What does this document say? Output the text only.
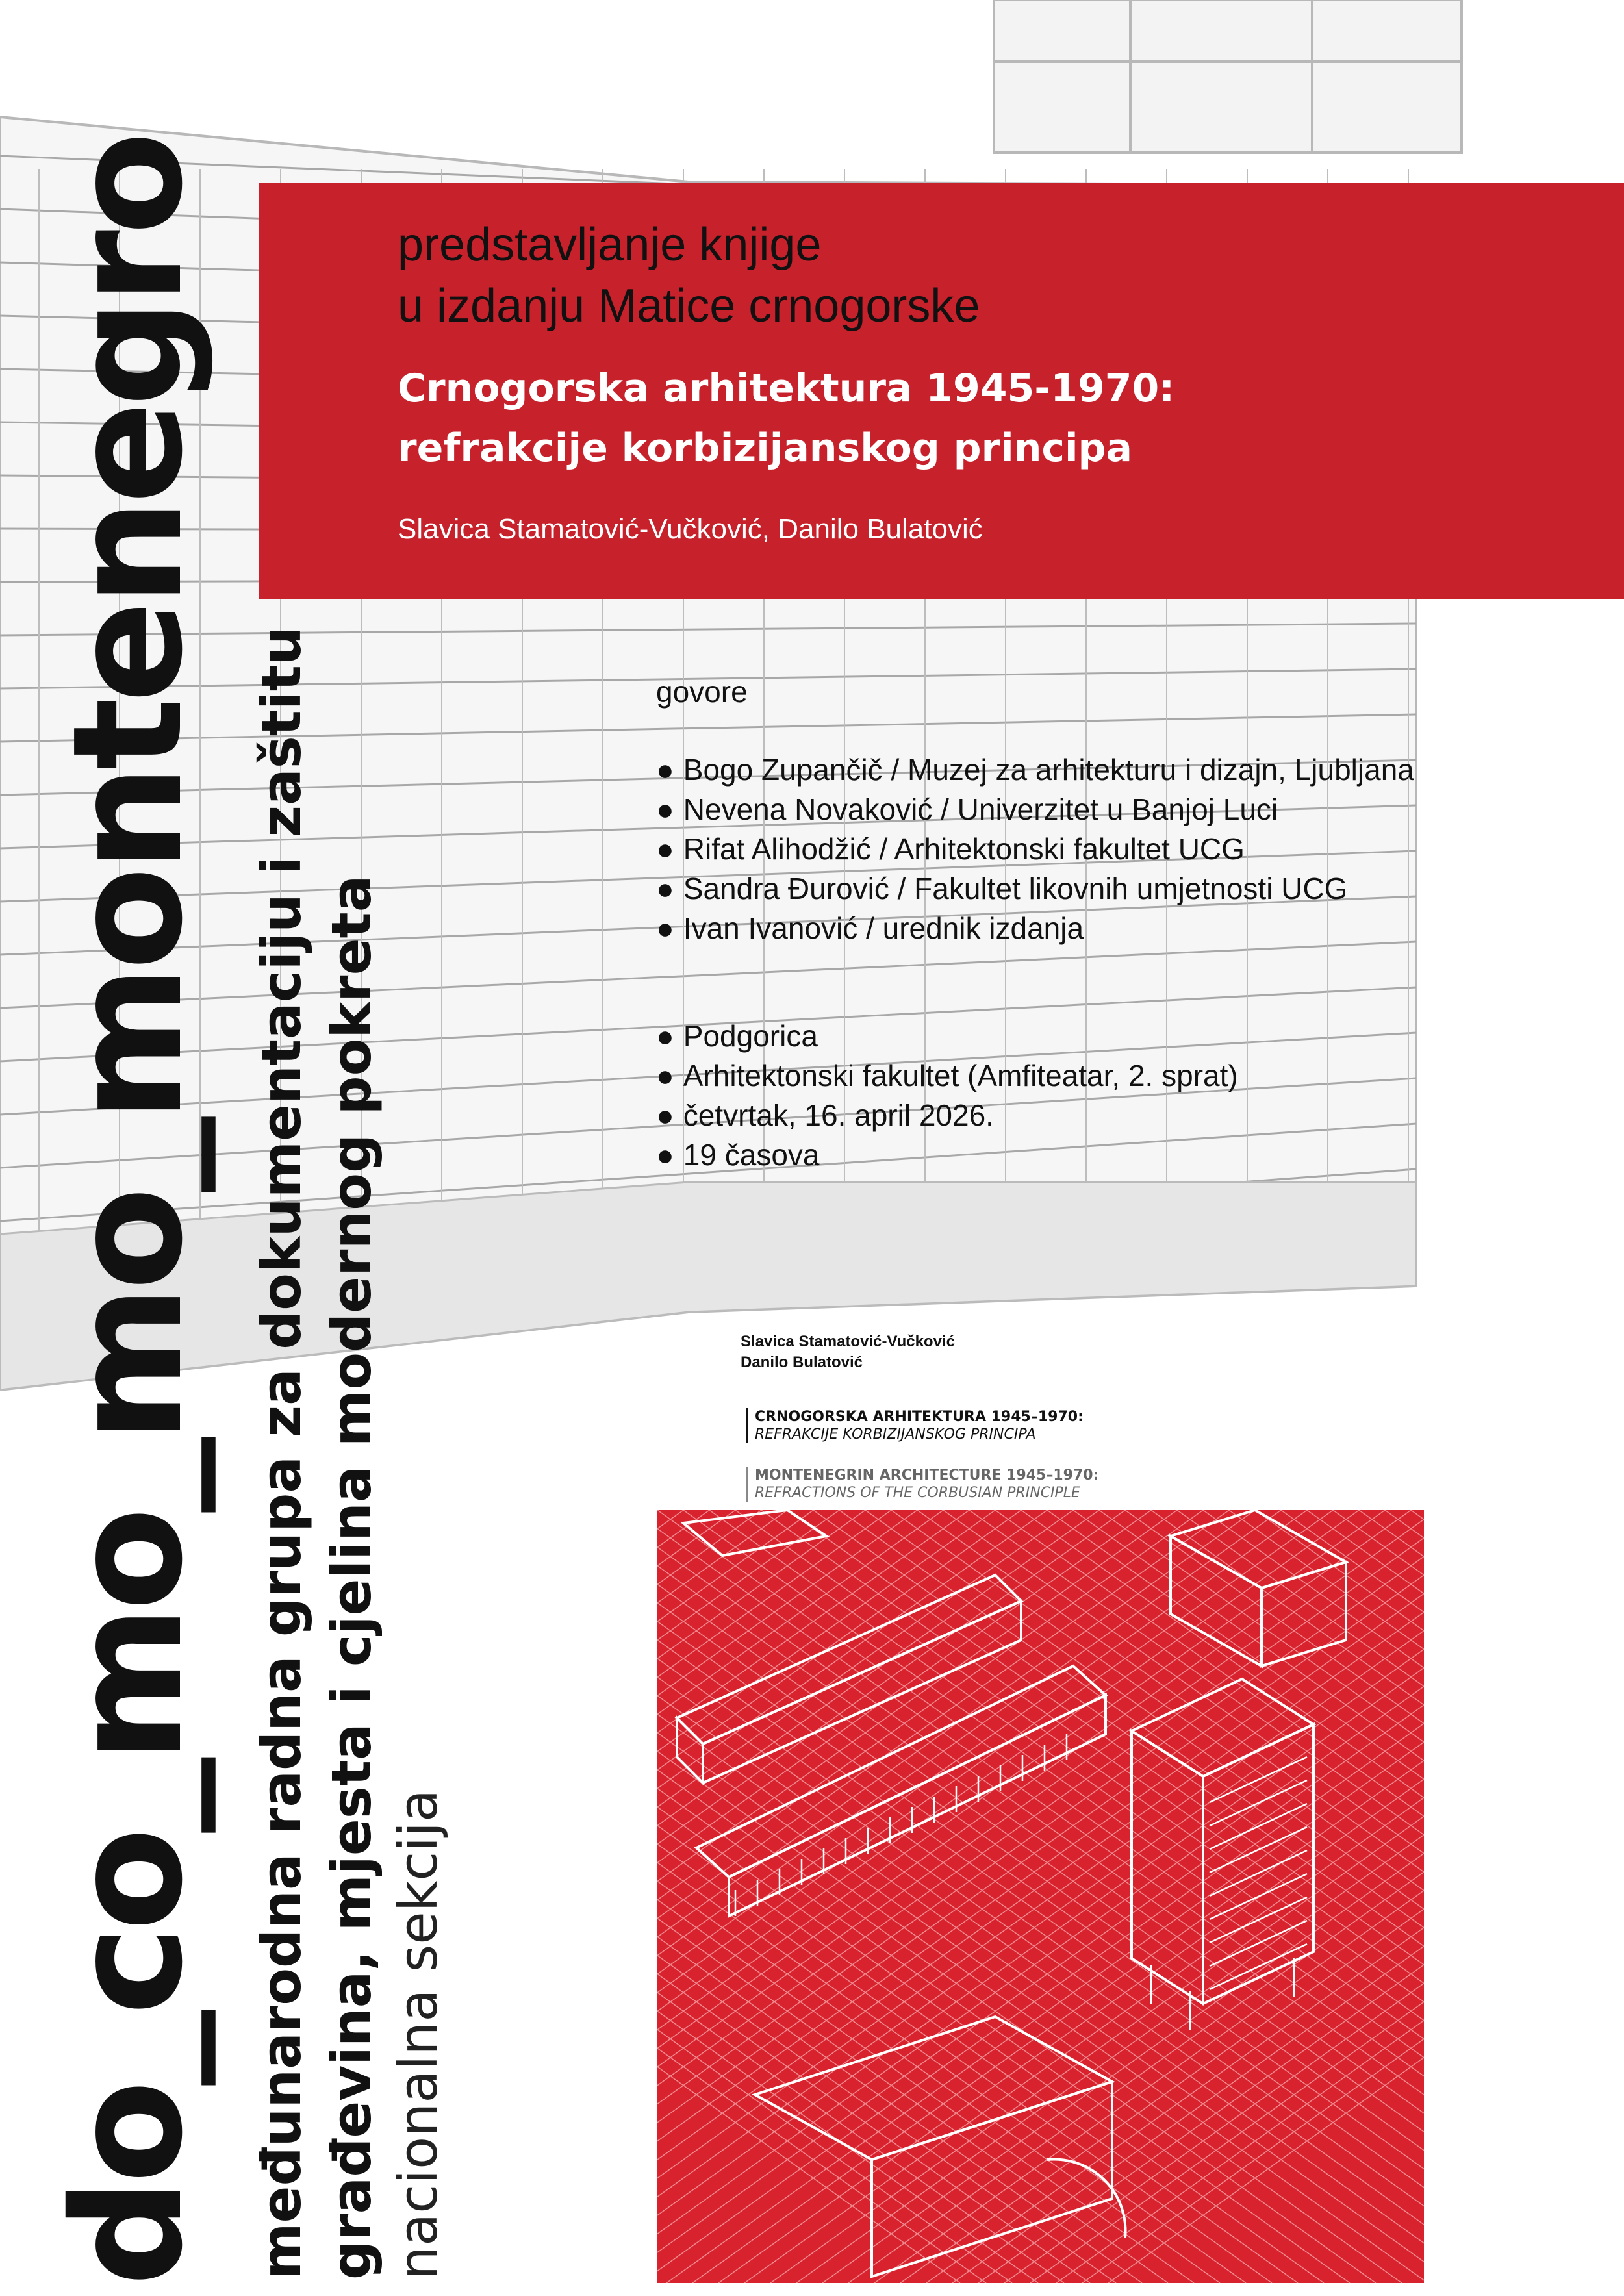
predstavljanje knjige
u izdanju Matice crnogorske
Crnogorska arhitektura 1945-1970:
refrakcije korbizijanskog principa
Slavica Stamatović-Vučković, Danilo Bulatović
govore
● Bogo Zupančič / Muzej za arhitekturu i dizajn, Ljubljana
● Nevena Novaković / Univerzitet u Banjoj Luci
● Rifat Alihodžić / Arhitektonski fakultet UCG
● Sandra Đurović / Fakultet likovnih umjetnosti UCG
● Ivan Ivanović / urednik izdanja
● Podgorica
● Arhitektonski fakultet (Amfiteatar, 2. sprat)
● četvrtak, 16. april 2026.
● 19 časova
do_co_mo_mo_montenegro međunarodna radna grupa za dokumentaciju i zaštitu građevina, mjesta i cjelina modernog pokreta nacionalna sekcija
Slavica Stamatović-Vučković
Danilo Bulatović
CRNOGORSKA ARHITEKTURA 1945–1970:
REFRAKCIJE KORBIZIJANSKOG PRINCIPA
MONTENEGRIN ARCHITECTURE 1945–1970:
REFRACTIONS OF THE CORBUSIAN PRINCIPLE
